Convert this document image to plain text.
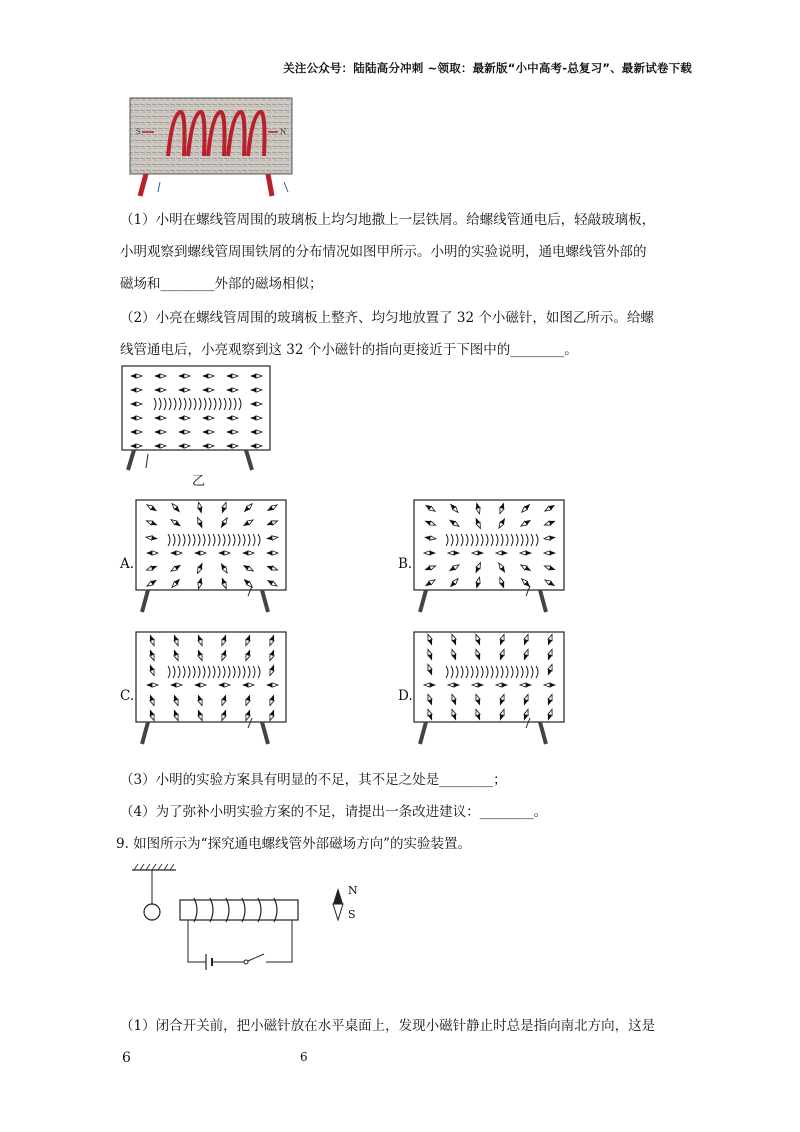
关注公众号：陆陆高分冲刺 ~领取：最新版“小中高考-总复习”、最新试卷下载
S	N
（1）小明在螺线管周围的玻璃板上均匀地撒上一层铁屑。给螺线管通电后，轻敲玻璃板，
小明观察到螺线管周围铁屑的分布情况如图甲所示。小明的实验说明，通电螺线管外部的
磁场和________外部的磁场相似；
（2）小亮在螺线管周围的玻璃板上整齐、均匀地放置了 32 个小磁针，如图乙所示。给螺
线管通电后，小亮观察到这 32 个小磁针的指向更接近于下图中的________。
乙
A.	B.
C.	D.
（3）小明的实验方案具有明显的不足，其不足之处是________；
（4）为了弥补小明实验方案的不足，请提出一条改进建议：________。
9. 如图所示为“探究通电螺线管外部磁场方向”的实验装置。
N
S
（1）闭合开关前，把小磁针放在水平桌面上，发现小磁针静止时总是指向南北方向，这是
6	6
